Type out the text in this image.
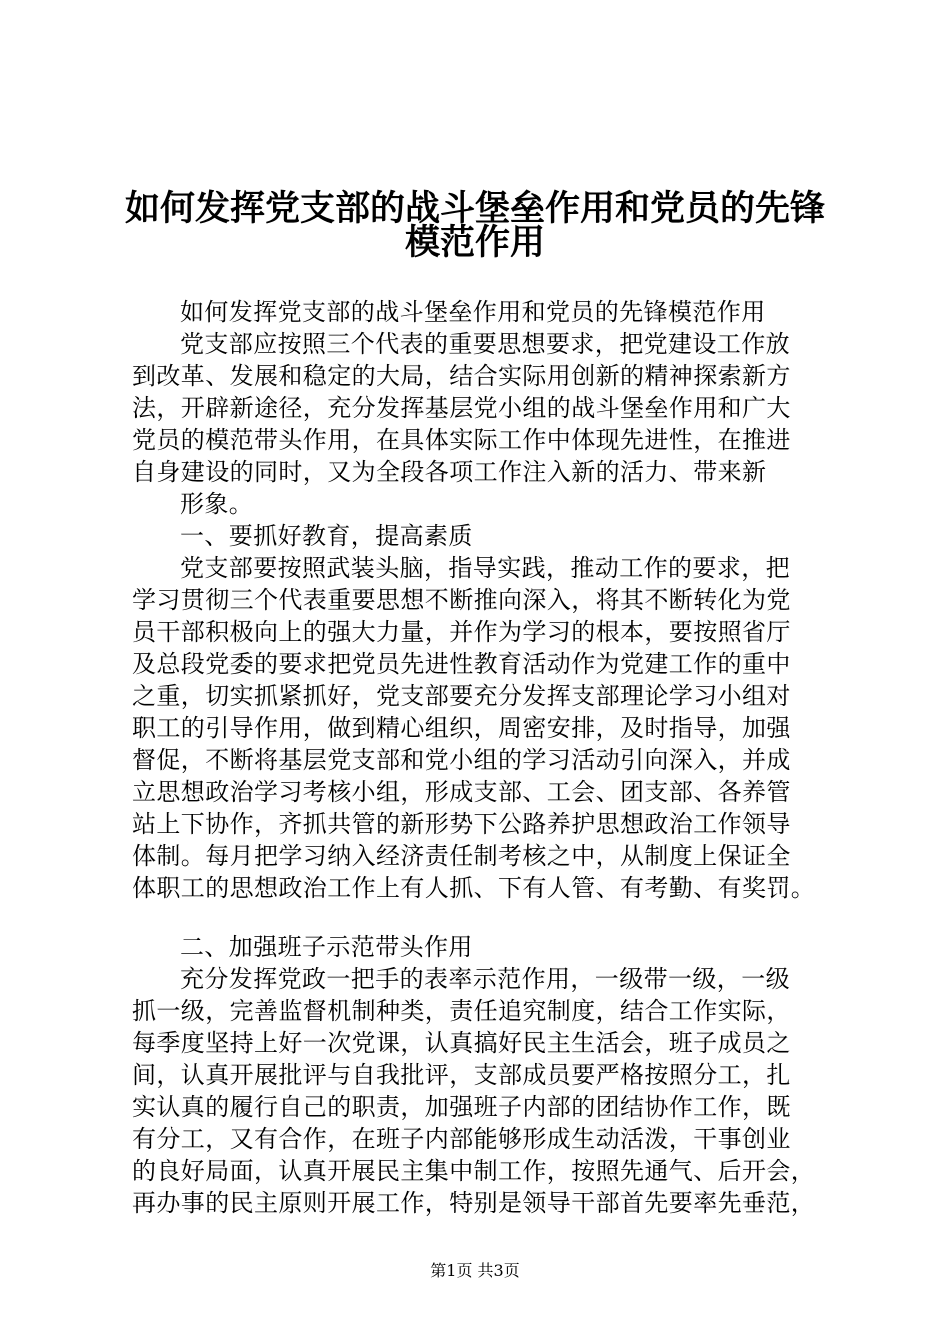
如何发挥党支部的战斗堡垒作用和党员的先锋
模范作用
如何发挥党支部的战斗堡垒作用和党员的先锋模范作用
党支部应按照三个代表的重要思想要求，把党建设工作放
到改革、发展和稳定的大局，结合实际用创新的精神探索新方
法，开辟新途径，充分发挥基层党小组的战斗堡垒作用和广大
党员的模范带头作用，在具体实际工作中体现先进性，在推进
自身建设的同时，又为全段各项工作注入新的活力、带来新
形象。
一、要抓好教育，提高素质
党支部要按照武装头脑，指导实践，推动工作的要求，把
学习贯彻三个代表重要思想不断推向深入，将其不断转化为党
员干部积极向上的强大力量，并作为学习的根本，要按照省厅
及总段党委的要求把党员先进性教育活动作为党建工作的重中
之重，切实抓紧抓好，党支部要充分发挥支部理论学习小组对
职工的引导作用，做到精心组织，周密安排，及时指导，加强
督促，不断将基层党支部和党小组的学习活动引向深入，并成
立思想政治学习考核小组，形成支部、工会、团支部、各养管
站上下协作，齐抓共管的新形势下公路养护思想政治工作领导
体制。每月把学习纳入经济责任制考核之中，从制度上保证全
体职工的思想政治工作上有人抓、下有人管、有考勤、有奖罚。
二、加强班子示范带头作用
充分发挥党政一把手的表率示范作用，一级带一级，一级
抓一级，完善监督机制种类，责任追究制度，结合工作实际，
每季度坚持上好一次党课，认真搞好民主生活会，班子成员之
间，认真开展批评与自我批评，支部成员要严格按照分工，扎
实认真的履行自己的职责，加强班子内部的团结协作工作，既
有分工，又有合作，在班子内部能够形成生动活泼，干事创业
的良好局面，认真开展民主集中制工作，按照先通气、后开会，
再办事的民主原则开展工作，特别是领导干部首先要率先垂范，
第1页 共3页
